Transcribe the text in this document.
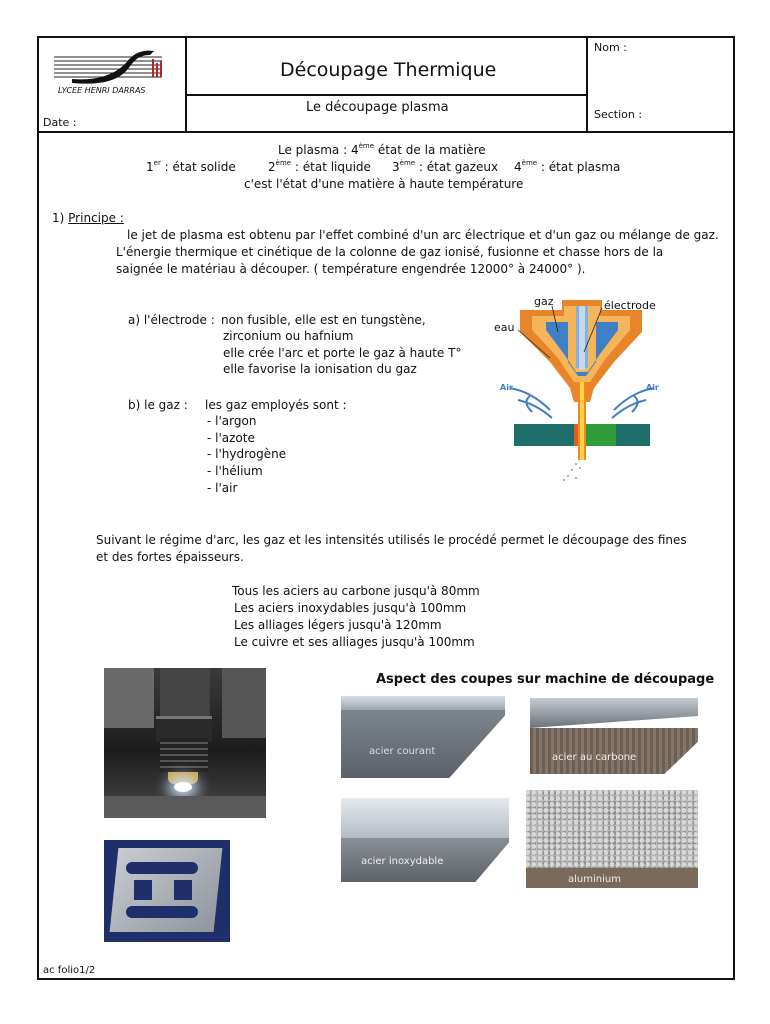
LYCEE HENRI DARRAS
Date :
Découpage Thermique
Le découpage plasma
Nom :
Section :
Le plasma : 4ème état de la matière
1er : état solide	2ème : état liquide 3ème : état gazeux 4ème : état plasma
c'est l'état d'une matière à haute température
1) Principe :
le jet de plasma est obtenu par l'effet combiné d'un arc électrique et d'un gaz ou mélange de gaz.
L'énergie thermique et cinétique de la colonne de gaz ionisé, fusionne et chasse hors de la
saignée le matériau à découper. ( température engendrée 12000° à 24000° ).
a) l'électrode : non fusible, elle est en tungstène,
zirconium ou hafnium
elle crée l'arc et porte le gaz à haute T°
elle favorise la ionisation du gaz
b) le gaz : les gaz employés sont :
- l'argon
- l'azote
- l'hydrogène
- l'hélium
- l'air
gaz	électrode
eau
Air	Air
Suivant le régime d'arc, les gaz et les intensités utilisés le procédé permet le découpage des fines
et des fortes épaisseurs.
Tous les aciers au carbone jusqu'à 80mm
Les aciers inoxydables jusqu'à 100mm
Les alliages légers jusqu'à 120mm
Le cuivre et ses alliages jusqu'à 100mm
Aspect des coupes sur machine de découpage
acier courant
acier au carbone
acier inoxydable
aluminium
ac folio1/2
